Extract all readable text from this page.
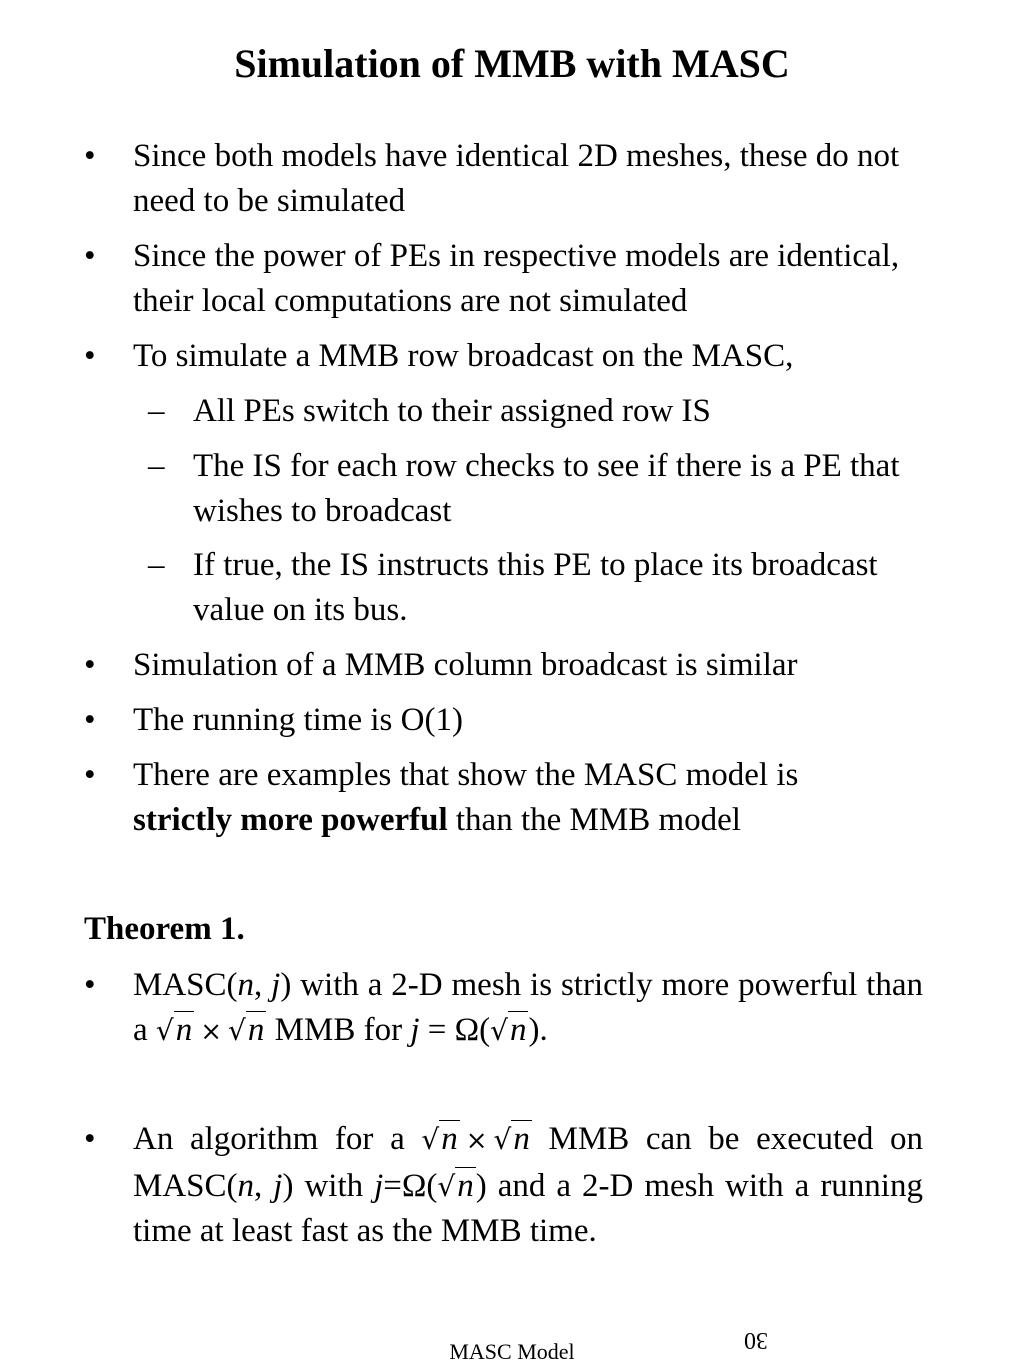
Simulation of MMB with MASC
• Since both models have identical 2D meshes, these do not need to be simulated

• Since the power of PEs in respective models are identical, their local computations are not simulated

• To simulate a MMB row broadcast on the MASC,

– All PEs switch to their assigned row IS

– The IS for each row checks to see if there is a PE that wishes to broadcast

– If true, the IS instructs this PE to place its broadcast value on its bus.

• Simulation of a MMB column broadcast is similar

• The running time is O(1)

• There are examples that show the MASC model is
strictly more powerful than the MMB model

Theorem 1.
• MASC(n, j) with a 2-D mesh is strictly more powerful than a √n × √n MMB for j = Ω(√n).

• An algorithm for a √n × √n MMB can be executed on MASC(n, j) with j=Ω(√n) and a 2-D mesh with a running time at least fast as the MMB time.

MASC Model	30
